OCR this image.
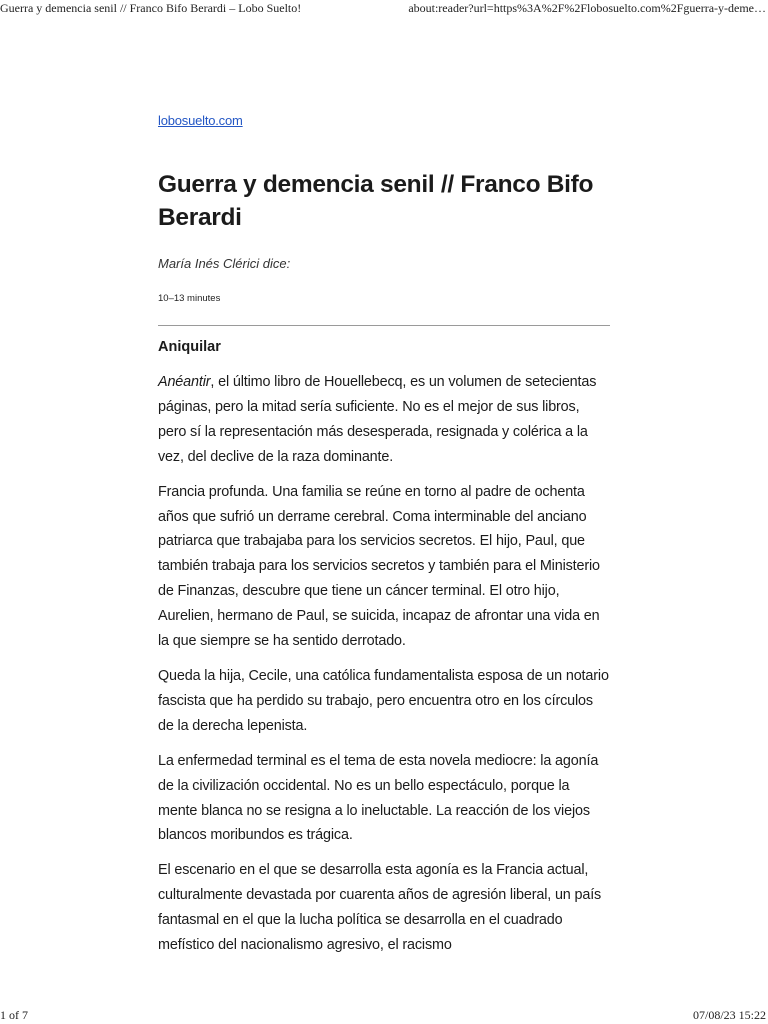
Guerra y demencia senil // Franco Bifo Berardi – Lobo Suelto!	about:reader?url=https%3A%2F%2Flobosuelto.com%2Fguerra-y-deme…
lobosuelto.com
Guerra y demencia senil // Franco Bifo Berardi
María Inés Clérici dice:
10–13 minutes
Aniquilar

Anéantir, el último libro de Houellebecq, es un volumen de setecientas páginas, pero la mitad sería suficiente. No es el mejor de sus libros, pero sí la representación más desesperada, resignada y colérica a la vez, del declive de la raza dominante.

Francia profunda. Una familia se reúne en torno al padre de ochenta años que sufrió un derrame cerebral. Coma interminable del anciano patriarca que trabajaba para los servicios secretos. El hijo, Paul, que también trabaja para los servicios secretos y también para el Ministerio de Finanzas, descubre que tiene un cáncer terminal. El otro hijo, Aurelien, hermano de Paul, se suicida, incapaz de afrontar una vida en la que siempre se ha sentido derrotado.

Queda la hija, Cecile, una católica fundamentalista esposa de un notario fascista que ha perdido su trabajo, pero encuentra otro en los círculos de la derecha lepenista.

La enfermedad terminal es el tema de esta novela mediocre: la agonía de la civilización occidental. No es un bello espectáculo, porque la mente blanca no se resigna a lo ineluctable. La reacción de los viejos blancos moribundos es trágica.

El escenario en el que se desarrolla esta agonía es la Francia actual, culturalmente devastada por cuarenta años de agresión liberal, un país fantasmal en el que la lucha política se desarrolla en el cuadrado mefístico del nacionalismo agresivo, el racismo

1 of 7	07/08/23 15:22
